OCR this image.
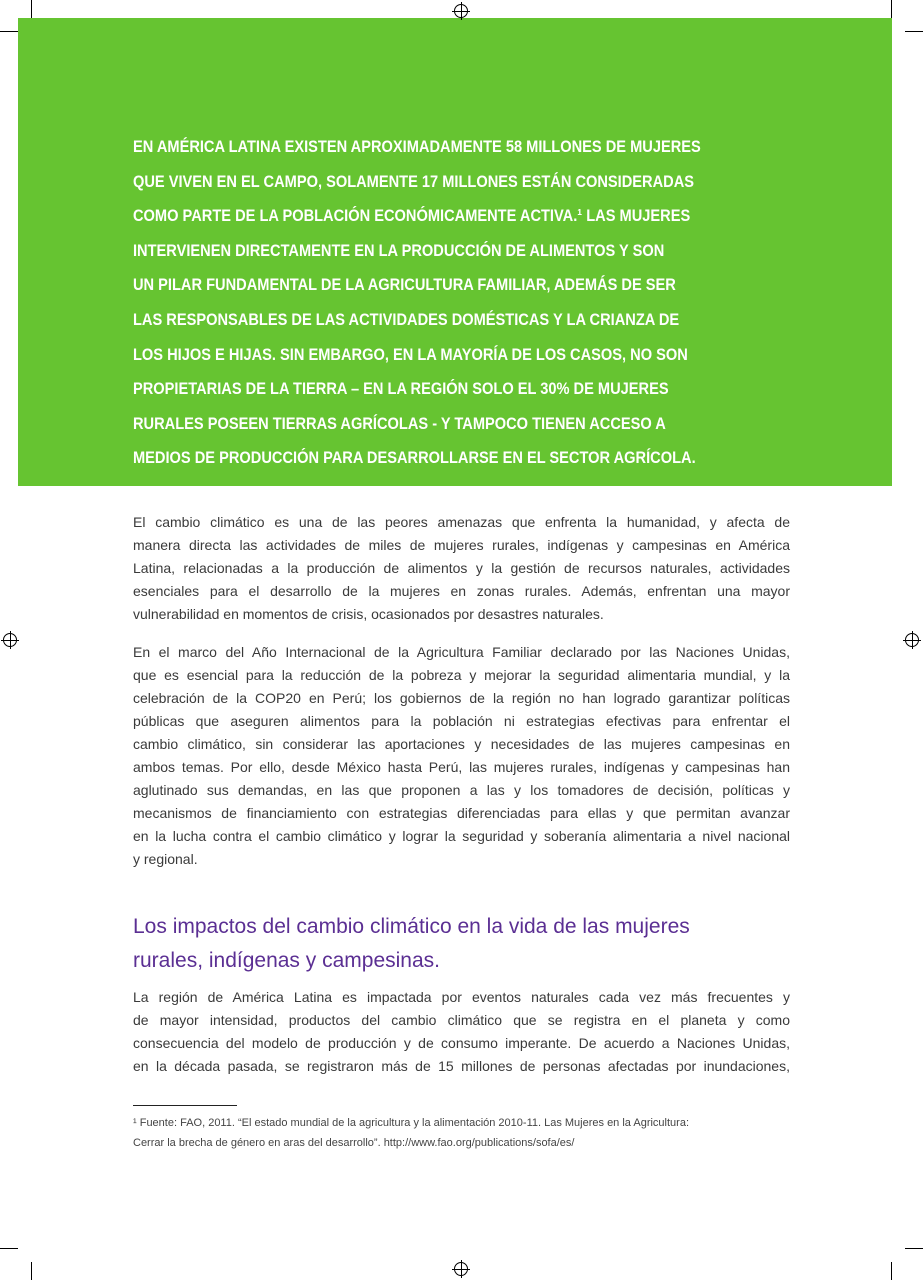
EN AMÉRICA LATINA EXISTEN APROXIMADAMENTE 58 MILLONES DE MUJERES
QUE VIVEN EN EL CAMPO, SOLAMENTE 17 MILLONES ESTÁN CONSIDERADAS
COMO PARTE DE LA POBLACIÓN ECONÓMICAMENTE ACTIVA.¹ LAS MUJERES
INTERVIENEN DIRECTAMENTE EN LA PRODUCCIÓN DE ALIMENTOS Y SON
UN PILAR FUNDAMENTAL DE LA AGRICULTURA FAMILIAR, ADEMÁS DE SER
LAS RESPONSABLES DE LAS ACTIVIDADES DOMÉSTICAS Y LA CRIANZA DE
LOS HIJOS E HIJAS. SIN EMBARGO, EN LA MAYORÍA DE LOS CASOS, NO SON
PROPIETARIAS DE LA TIERRA – EN LA REGIÓN SOLO EL 30% DE MUJERES
RURALES POSEEN TIERRAS AGRÍCOLAS - Y TAMPOCO TIENEN ACCESO A
MEDIOS DE PRODUCCIÓN PARA DESARROLLARSE EN EL SECTOR AGRÍCOLA.
El cambio climático es una de las peores amenazas que enfrenta la humanidad, y afecta de
manera directa las actividades de miles de mujeres rurales, indígenas y campesinas en América
Latina, relacionadas a la producción de alimentos y la gestión de recursos naturales, actividades
esenciales para el desarrollo de la mujeres en zonas rurales. Además, enfrentan una mayor
vulnerabilidad en momentos de crisis, ocasionados por desastres naturales.
En el marco del Año Internacional de la Agricultura Familiar declarado por las Naciones Unidas,
que es esencial para la reducción de la pobreza y mejorar la seguridad alimentaria mundial, y la
celebración de la COP20 en Perú; los gobiernos de la región no han logrado garantizar políticas
públicas que aseguren alimentos para la población ni estrategias efectivas para enfrentar el
cambio climático, sin considerar las aportaciones y necesidades de las mujeres campesinas en
ambos temas. Por ello, desde México hasta Perú, las mujeres rurales, indígenas y campesinas han
aglutinado sus demandas, en las que proponen a las y los tomadores de decisión, políticas y
mecanismos de financiamiento con estrategias diferenciadas para ellas y que permitan avanzar
en la lucha contra el cambio climático y lograr la seguridad y soberanía alimentaria a nivel nacional
y regional.
Los impactos del cambio climático en la vida de las mujeres
rurales, indígenas y campesinas.
La región de América Latina es impactada por eventos naturales cada vez más frecuentes y
de mayor intensidad, productos del cambio climático que se registra en el planeta y como
consecuencia del modelo de producción y de consumo imperante. De acuerdo a Naciones Unidas,
en la década pasada, se registraron más de 15 millones de personas afectadas por inundaciones,
¹ Fuente: FAO, 2011. “El estado mundial de la agricultura y la alimentación 2010-11. Las Mujeres en la Agricultura:
Cerrar la brecha de género en aras del desarrollo”. http://www.fao.org/publications/sofa/es/
